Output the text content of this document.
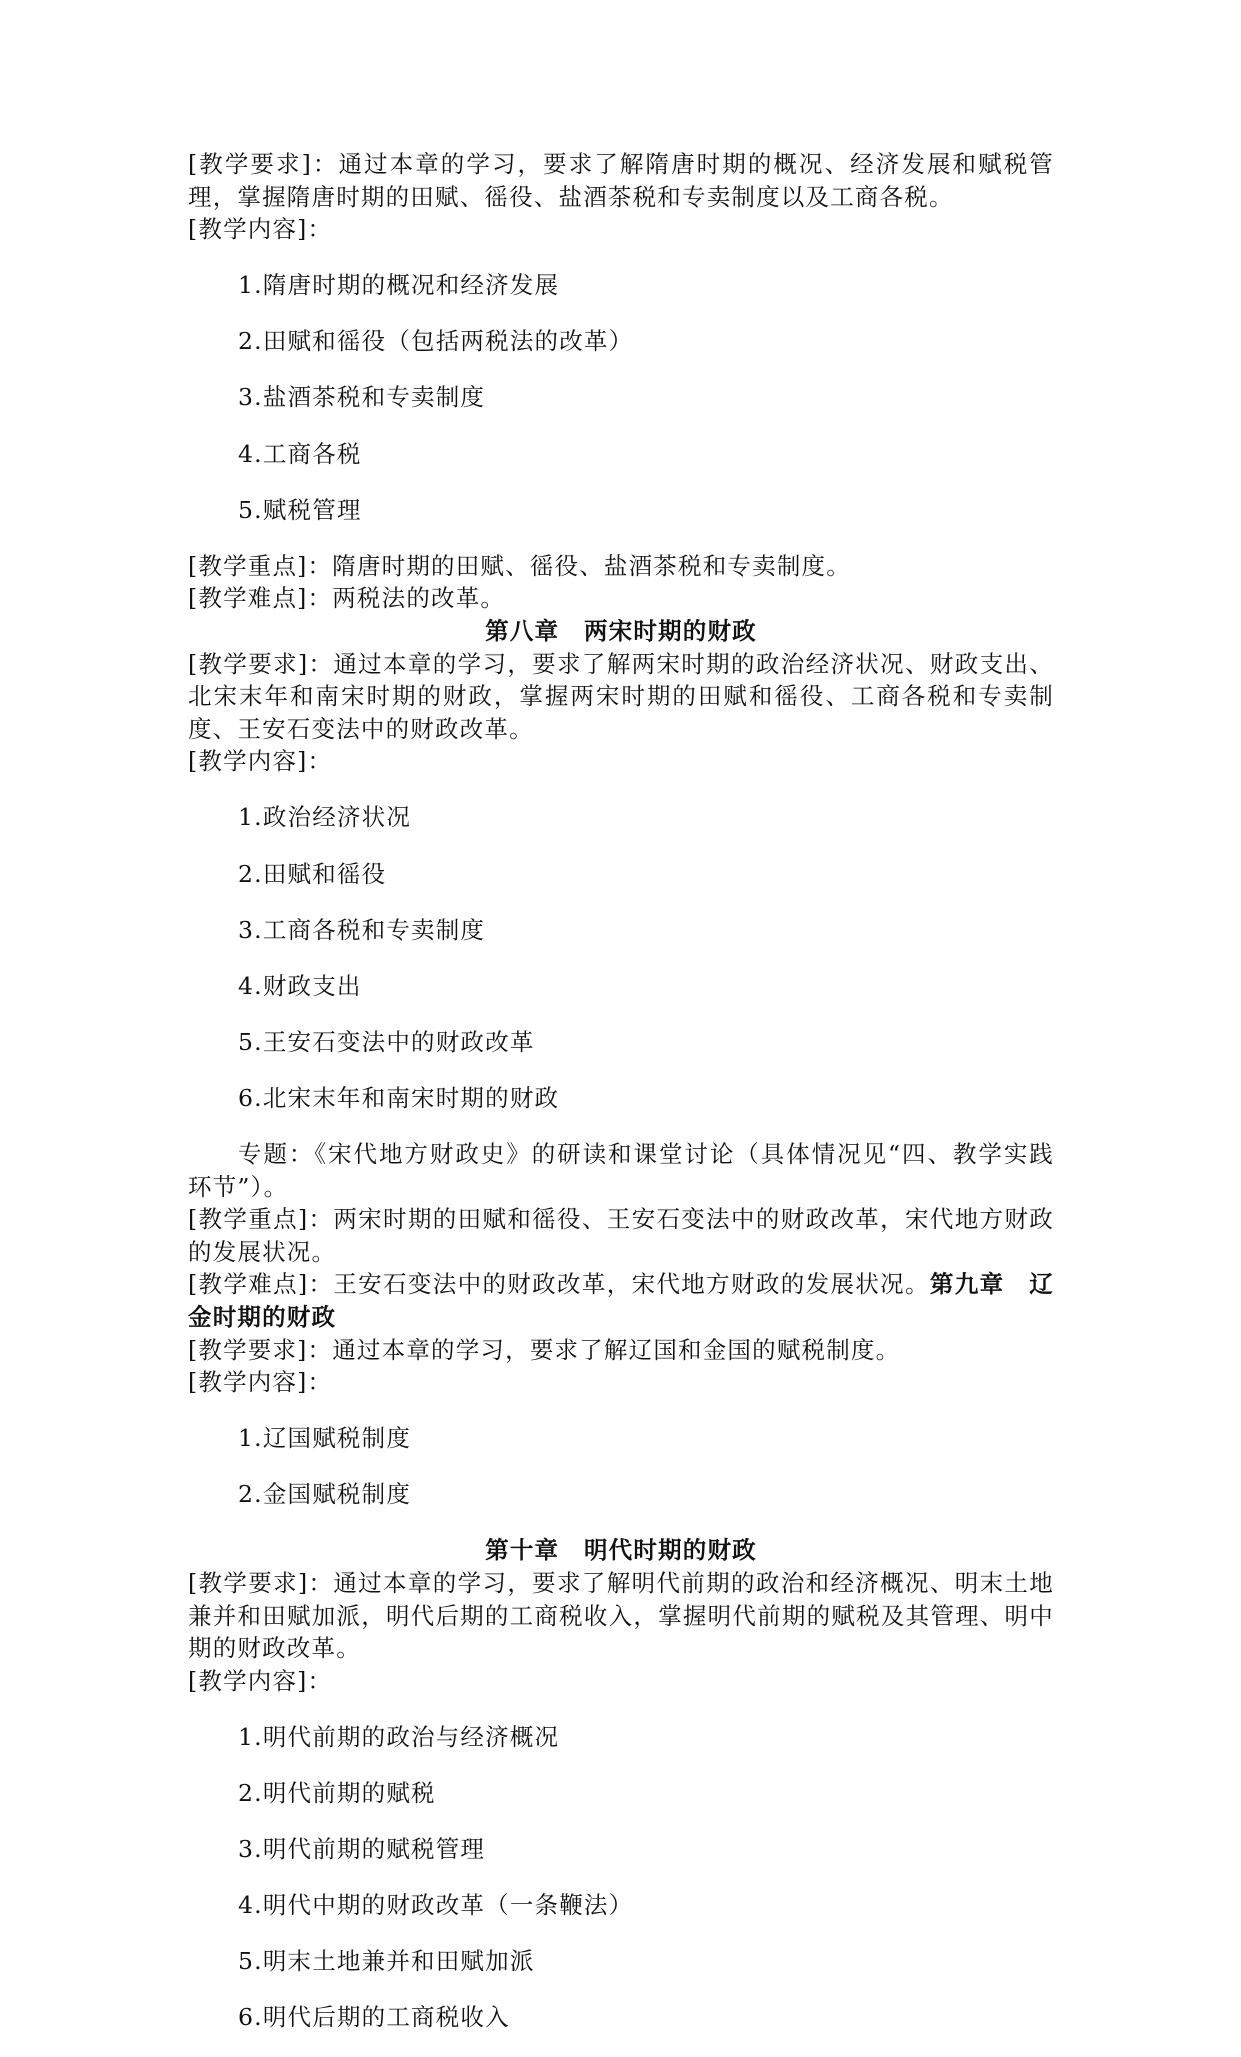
[教学要求]：通过本章的学习，要求了解隋唐时期的概况、经济发展和赋税管理，掌握隋唐时期的田赋、徭役、盐酒茶税和专卖制度以及工商各税。

[教学内容]：

1.隋唐时期的概况和经济发展

2.田赋和徭役（包括两税法的改革）

3.盐酒茶税和专卖制度

4.工商各税

5.赋税管理

[教学重点]：隋唐时期的田赋、徭役、盐酒茶税和专卖制度。

[教学难点]：两税法的改革。

第八章　两宋时期的财政

[教学要求]：通过本章的学习，要求了解两宋时期的政治经济状况、财政支出、北宋末年和南宋时期的财政，掌握两宋时期的田赋和徭役、工商各税和专卖制度、王安石变法中的财政改革。

[教学内容]：

1.政治经济状况

2.田赋和徭役

3.工商各税和专卖制度

4.财政支出

5.王安石变法中的财政改革

6.北宋末年和南宋时期的财政

专题：《宋代地方财政史》的研读和课堂讨论（具体情况见“四、教学实践环节”）。

[教学重点]：两宋时期的田赋和徭役、王安石变法中的财政改革，宋代地方财政的发展状况。

[教学难点]：王安石变法中的财政改革，宋代地方财政的发展状况。第九章　辽金时期的财政

[教学要求]：通过本章的学习，要求了解辽国和金国的赋税制度。

[教学内容]：

1.辽国赋税制度

2.金国赋税制度

第十章　明代时期的财政

[教学要求]：通过本章的学习，要求了解明代前期的政治和经济概况、明末土地兼并和田赋加派，明代后期的工商税收入，掌握明代前期的赋税及其管理、明中期的财政改革。

[教学内容]：

1.明代前期的政治与经济概况

2.明代前期的赋税

3.明代前期的赋税管理

4.明代中期的财政改革（一条鞭法）

5.明末土地兼并和田赋加派

6.明代后期的工商税收入
